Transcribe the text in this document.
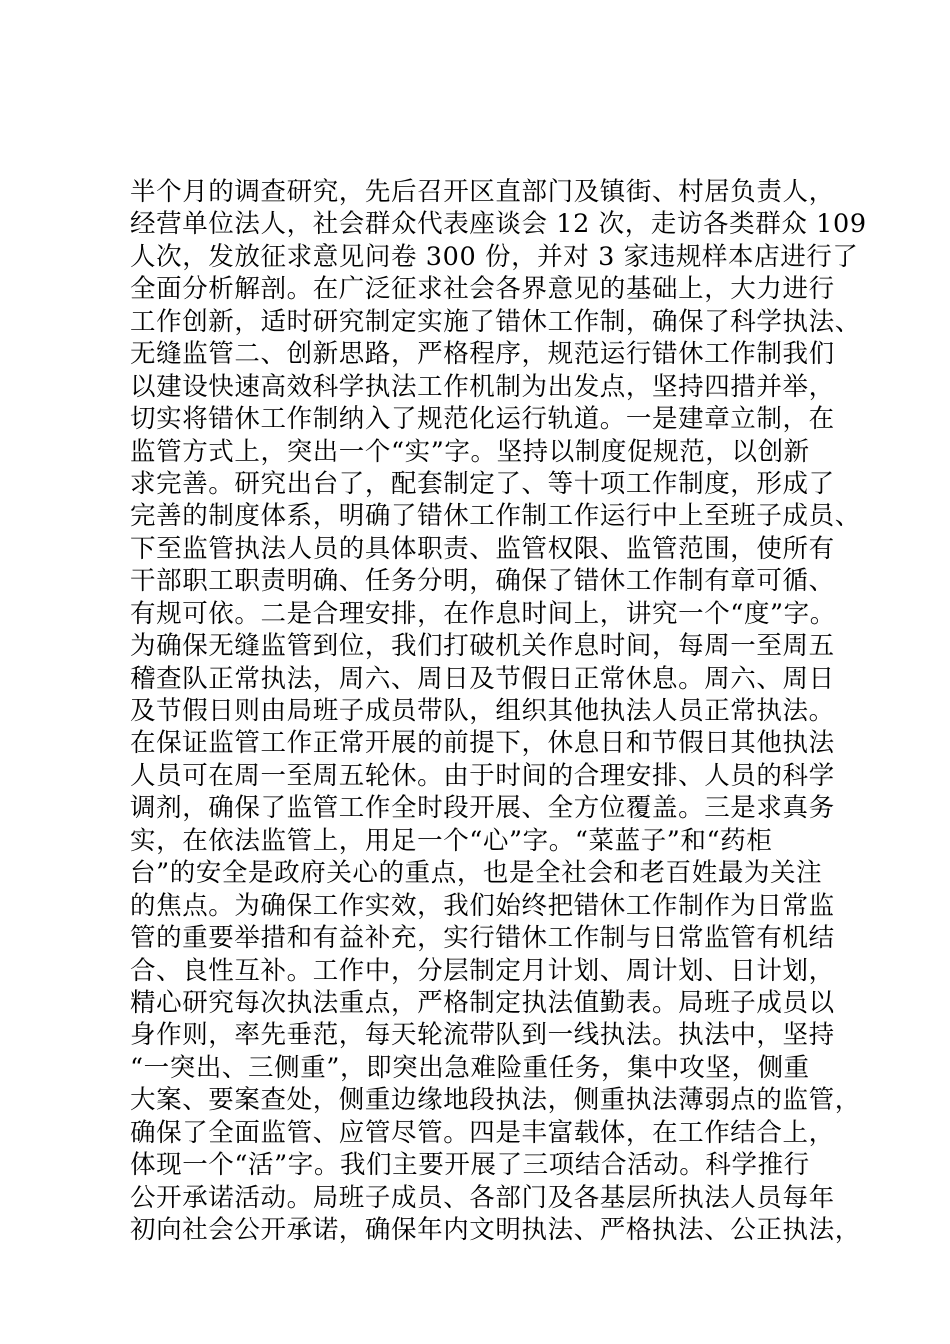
半个月的调查研究，先后召开区直部门及镇街、村居负责人，
经营单位法人，社会群众代表座谈会 12 次，走访各类群众 109
人次，发放征求意见问卷 300 份，并对 3 家违规样本店进行了
全面分析解剖。在广泛征求社会各界意见的基础上，大力进行
工作创新，适时研究制定实施了错休工作制，确保了科学执法、
无缝监管二、创新思路，严格程序，规范运行错休工作制我们
以建设快速高效科学执法工作机制为出发点，坚持四措并举，
切实将错休工作制纳入了规范化运行轨道。一是建章立制，在
监管方式上，突出一个“实”字。坚持以制度促规范，以创新
求完善。研究出台了，配套制定了、等十项工作制度，形成了
完善的制度体系，明确了错休工作制工作运行中上至班子成员、
下至监管执法人员的具体职责、监管权限、监管范围，使所有
干部职工职责明确、任务分明，确保了错休工作制有章可循、
有规可依。二是合理安排，在作息时间上，讲究一个“度”字。
为确保无缝监管到位，我们打破机关作息时间，每周一至周五
稽查队正常执法，周六、周日及节假日正常休息。周六、周日
及节假日则由局班子成员带队，组织其他执法人员正常执法。
在保证监管工作正常开展的前提下，休息日和节假日其他执法
人员可在周一至周五轮休。由于时间的合理安排、人员的科学
调剂，确保了监管工作全时段开展、全方位覆盖。三是求真务
实，在依法监管上，用足一个“心”字。“菜蓝子”和“药柜
台”的安全是政府关心的重点，也是全社会和老百姓最为关注
的焦点。为确保工作实效，我们始终把错休工作制作为日常监
管的重要举措和有益补充，实行错休工作制与日常监管有机结
合、良性互补。工作中，分层制定月计划、周计划、日计划，
精心研究每次执法重点，严格制定执法值勤表。局班子成员以
身作则，率先垂范，每天轮流带队到一线执法。执法中，坚持
“一突出、三侧重”，即突出急难险重任务，集中攻坚，侧重
大案、要案查处，侧重边缘地段执法，侧重执法薄弱点的监管，
确保了全面监管、应管尽管。四是丰富载体，在工作结合上，
体现一个“活”字。我们主要开展了三项结合活动。科学推行
公开承诺活动。局班子成员、各部门及各基层所执法人员每年
初向社会公开承诺，确保年内文明执法、严格执法、公正执法，
